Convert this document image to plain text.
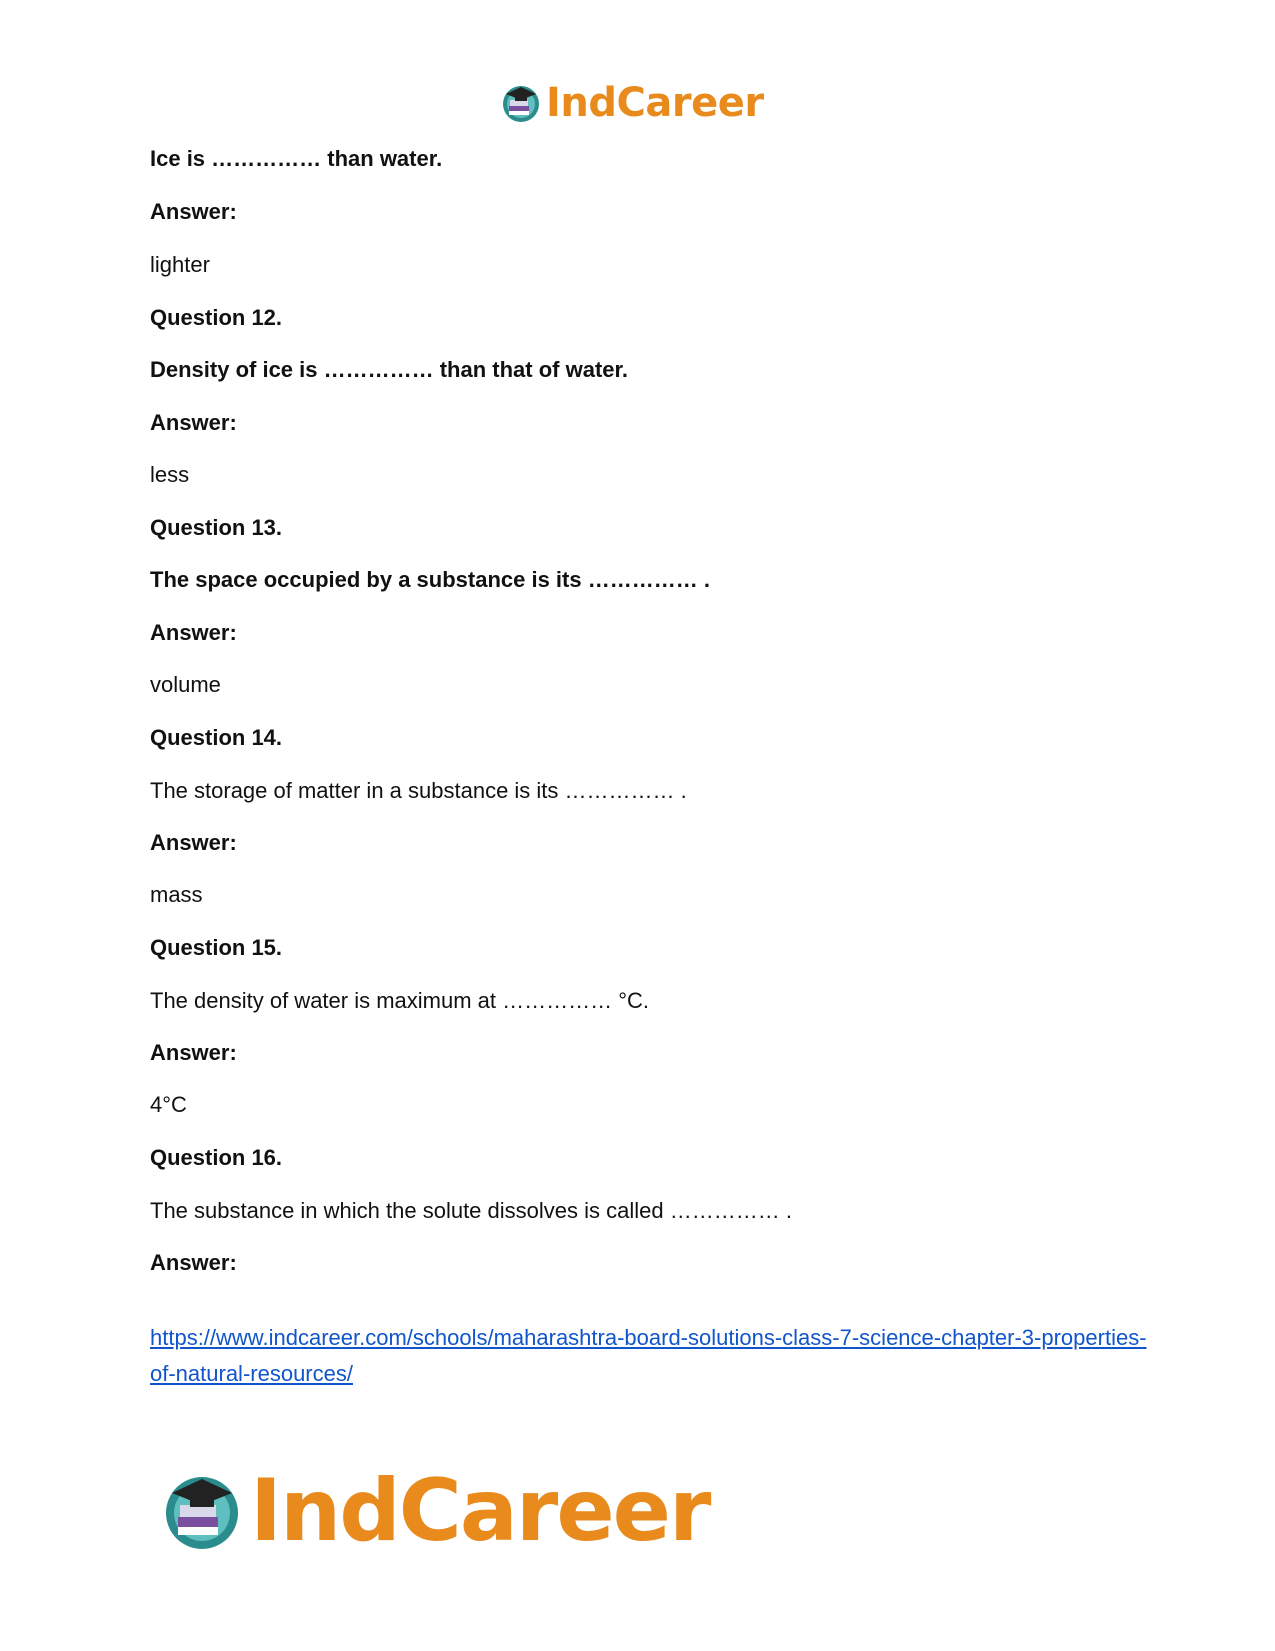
IndCareer
Ice is …………… than water.
Answer:
lighter
Question 12.
Density of ice is …………… than that of water.
Answer:
less
Question 13.
The space occupied by a substance is its …………… .
Answer:
volume
Question 14.
The storage of matter in a substance is its …………… .
Answer:
mass
Question 15.
The density of water is maximum at …………… °C.
Answer:
4°C
Question 16.
The substance in which the solute dissolves is called …………… .
Answer:
https://www.indcareer.com/schools/maharashtra-board-solutions-class-7-science-chapter-3-properties-of-natural-resources/
IndCareer
